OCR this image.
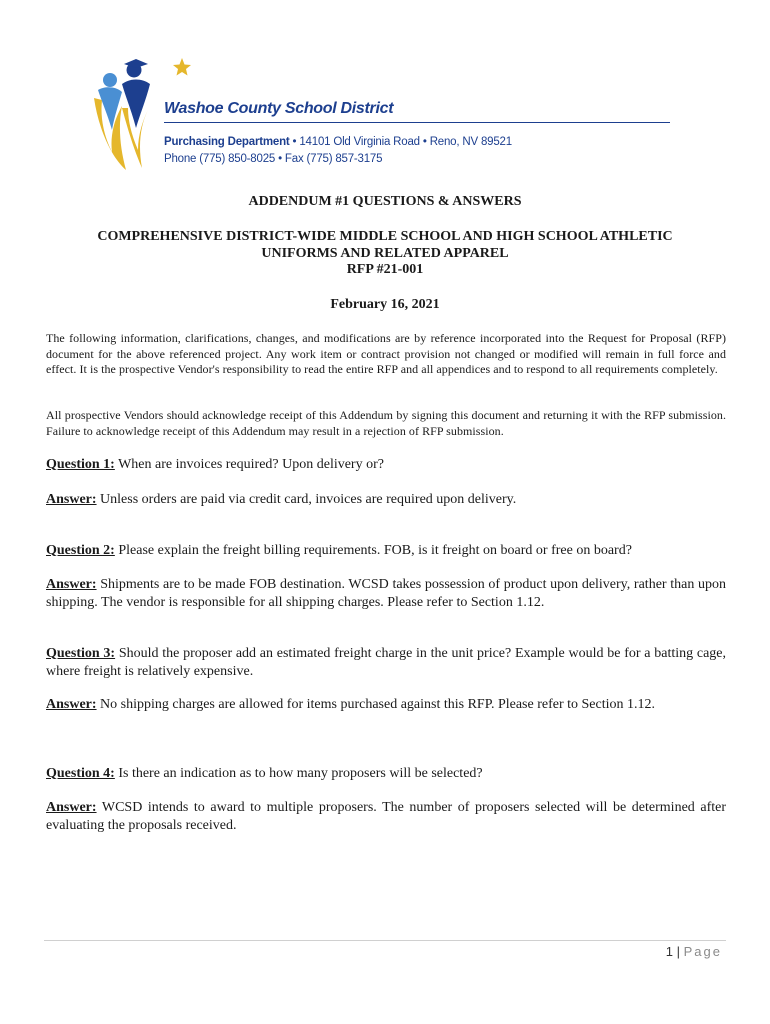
Washoe County School District
Purchasing Department • 14101 Old Virginia Road • Reno, NV 89521
Phone (775) 850-8025 • Fax (775) 857-3175
ADDENDUM #1 QUESTIONS & ANSWERS
COMPREHENSIVE DISTRICT-WIDE MIDDLE SCHOOL AND HIGH SCHOOL ATHLETIC
UNIFORMS AND RELATED APPAREL
RFP #21-001
February 16, 2021
The following information, clarifications, changes, and modifications are by reference incorporated into the Request for Proposal (RFP) document for the above referenced project. Any work item or contract provision not changed or modified will remain in full force and effect. It is the prospective Vendor's responsibility to read the entire RFP and all appendices and to respond to all requirements completely.
All prospective Vendors should acknowledge receipt of this Addendum by signing this document and returning it with the RFP submission. Failure to acknowledge receipt of this Addendum may result in a rejection of RFP submission.
Question 1: When are invoices required? Upon delivery or?
Answer: Unless orders are paid via credit card, invoices are required upon delivery.
Question 2: Please explain the freight billing requirements. FOB, is it freight on board or free on board?
Answer: Shipments are to be made FOB destination. WCSD takes possession of product upon delivery, rather than upon shipping. The vendor is responsible for all shipping charges. Please refer to Section 1.12.
Question 3: Should the proposer add an estimated freight charge in the unit price? Example would be for a batting cage, where freight is relatively expensive.
Answer: No shipping charges are allowed for items purchased against this RFP. Please refer to Section 1.12.
Question 4: Is there an indication as to how many proposers will be selected?
Answer: WCSD intends to award to multiple proposers. The number of proposers selected will be determined after evaluating the proposals received.
1 | Page
